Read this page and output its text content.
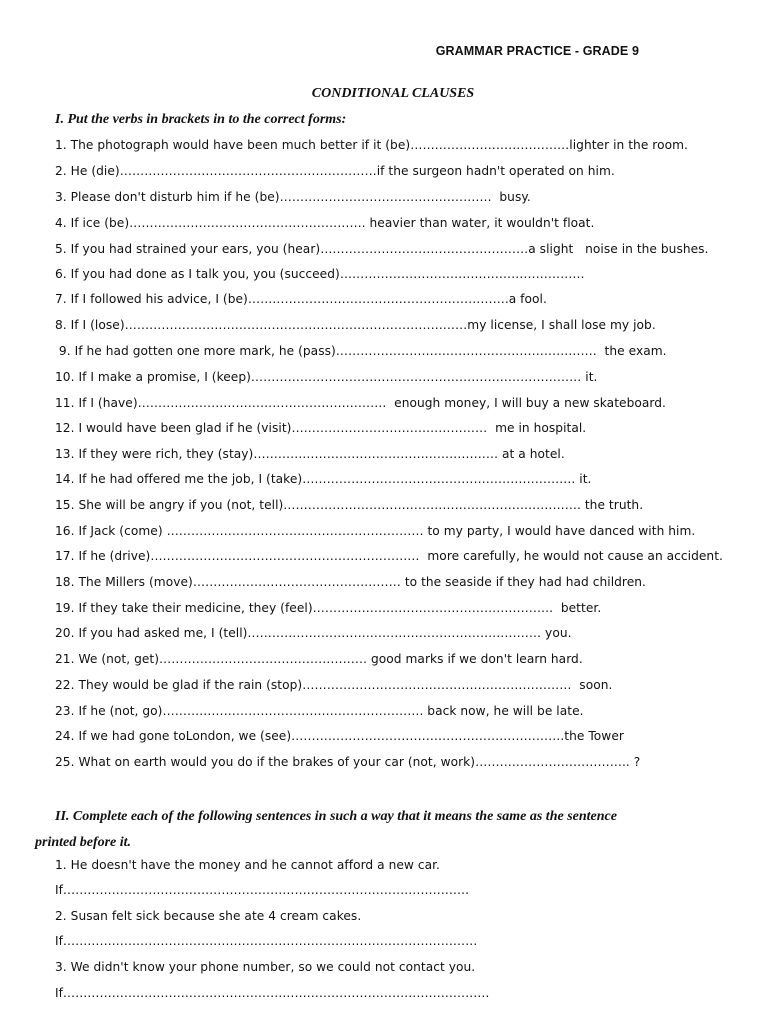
GRAMMAR PRACTICE - GRADE 9
CONDITIONAL CLAUSES
I. Put the verbs in brackets in to the correct forms:
1. The photograph would have been much better if it (be)…………………………………lighter in the room.
2. He (die)………………………………………………………if the surgeon hadn't operated on him.
3. Please don't disturb him if he (be)…………………………………………….  busy.
4. If ice (be)…………………………………………………. heavier than water, it wouldn't float.
5. If you had strained your ears, you (hear)……………………………………………a slight   noise in the bushes.
6. If you had done as I talk you, you (succeed)……………………………………………………
7. If I followed his advice, I (be)……………………………………………………….a fool.
8. If I (lose)…………………………………………………………………………my license, I shall lose my job.
9. If he had gotten one more mark, he (pass)……………………………………………………….  the exam.
10. If I make a promise, I (keep)……………………………………………………………………… it.
11. If I (have)…………………………………………………….  enough money, I will buy a new skateboard.
12. I would have been glad if he (visit)…………………………………………  me in hospital.
13. If they were rich, they (stay)…………………………………………………… at a hotel.
14. If he had offered me the job, I (take)…………………………………………………………. it.
15. She will be angry if you (not, tell)………………………………………………………………. the truth.
16. If Jack (come) ……………………………………………………… to my party, I would have danced with him.
17. If he (drive)…………………………………………………………  more carefully, he would not cause an accident.
18. The Millers (move)…………………………………………… to the seaside if they had had children.
19. If they take their medicine, they (feel)…………………………………………………..  better.
20. If you had asked me, I (tell)……………………………………………………………… you.
21. We (not, get)…………………………………………… good marks if we don't learn hard.
22. They would be glad if the rain (stop)…………………………………………………………  soon.
23. If he (not, go)………………………………………………………. back now, he will be late.
24. If we had gone toLondon, we (see)………………………………………………………….the Tower
25. What on earth would you do if the brakes of your car (not, work)……………………………….. ?
II. Complete each of the following sentences in such a way that it means the same as the sentence
printed before it.
1. He doesn't have the money and he cannot afford a new car.
If……………………………………………………………………………………….
2. Susan felt sick because she ate 4 cream cakes.
If…………………………………………………………………………………………
3. We didn't know your phone number, so we could not contact you.
If……………………………………………………………………………………………
